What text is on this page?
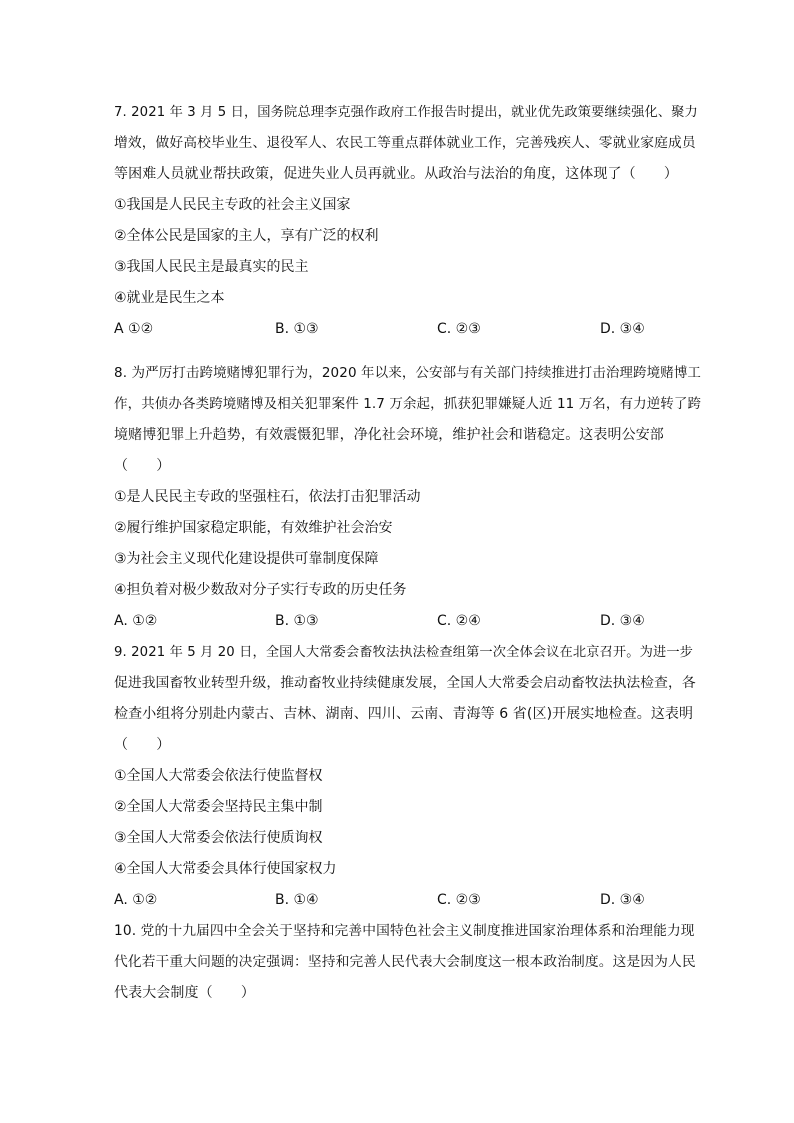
7. 2021 年 3 月 5 日，国务院总理李克强作政府工作报告时提出，就业优先政策要继续强化、聚力
增效，做好高校毕业生、退役军人、农民工等重点群体就业工作，完善残疾人、零就业家庭成员
等困难人员就业帮扶政策，促进失业人员再就业。从政治与法治的角度，这体现了（　　）
①我国是人民民主专政的社会主义国家
②全体公民是国家的主人，享有广泛的权利
③我国人民民主是最真实的民主
④就业是民生之本
A ①②	B. ①③	C. ②③	D. ③④
8. 为严厉打击跨境赌博犯罪行为，2020 年以来，公安部与有关部门持续推进打击治理跨境赌博工
作，共侦办各类跨境赌博及相关犯罪案件 1.7 万余起，抓获犯罪嫌疑人近 11 万名，有力逆转了跨
境赌博犯罪上升趋势，有效震慑犯罪，净化社会环境，维护社会和谐稳定。这表明公安部
（　　）
①是人民民主专政的坚强柱石，依法打击犯罪活动
②履行维护国家稳定职能，有效维护社会治安
③为社会主义现代化建设提供可靠制度保障
④担负着对极少数敌对分子实行专政的历史任务
A. ①②	B. ①③	C. ②④	D. ③④
9. 2021 年 5 月 20 日，全国人大常委会畜牧法执法检查组第一次全体会议在北京召开。为进一步
促进我国畜牧业转型升级，推动畜牧业持续健康发展，全国人大常委会启动畜牧法执法检查，各
检查小组将分别赴内蒙古、吉林、湖南、四川、云南、青海等 6 省(区)开展实地检查。这表明
（　　）
①全国人大常委会依法行使监督权
②全国人大常委会坚持民主集中制
③全国人大常委会依法行使质询权
④全国人大常委会具体行使国家权力
A. ①②	B. ①④	C. ②③	D. ③④
10. 党的十九届四中全会关于坚持和完善中国特色社会主义制度推进国家治理体系和治理能力现
代化若干重大问题的决定强调：坚持和完善人民代表大会制度这一根本政治制度。这是因为人民
代表大会制度（　　）
